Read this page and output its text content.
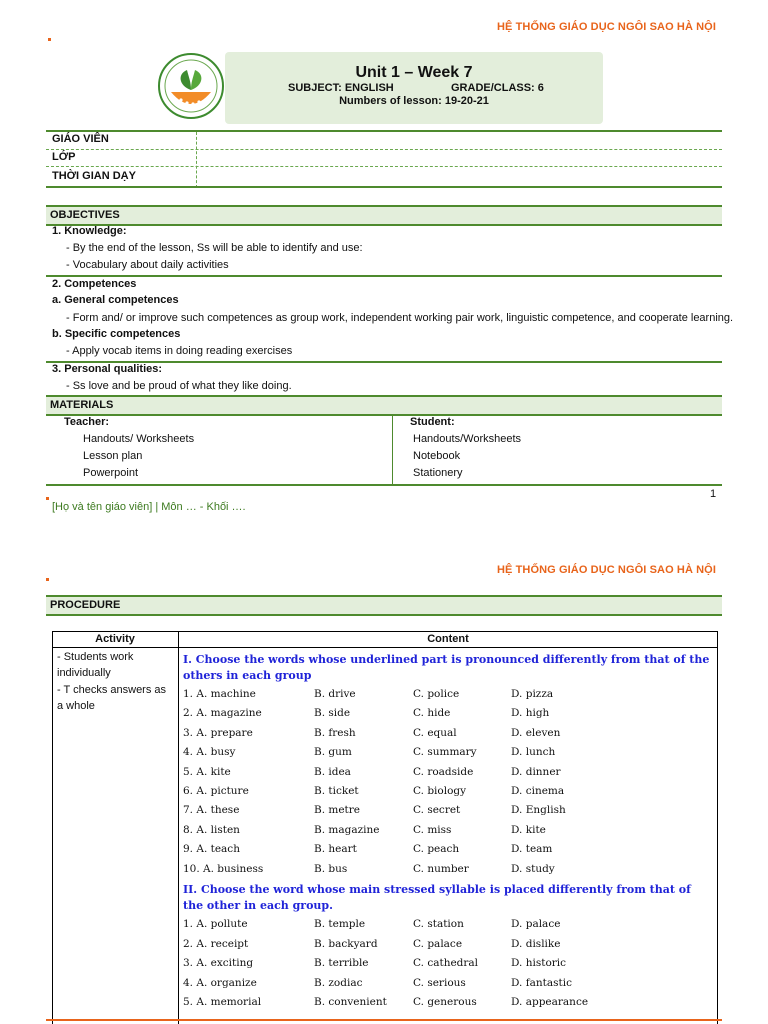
HỆ THỐNG GIÁO DỤC NGÔI SAO HÀ NỘI
Unit 1 – Week 7
SUBJECT: ENGLISH	GRADE/CLASS: 6
Numbers of lesson: 19-20-21
GIÁO VIÊN
LỚP
THỜI GIAN DẠY
OBJECTIVES
1. Knowledge:
- By the end of the lesson, Ss will be able to identify and use:
- Vocabulary about daily activities
2. Competences
a. General competences
- Form and/ or improve such competences as group work, independent working pair work, linguistic competence, and cooperate learning.
b. Specific competences
- Apply vocab items in doing reading exercises
3. Personal qualities:
- Ss love and be proud of what they like doing.
MATERIALS
Teacher:	Student:
Handouts/ Worksheets
Lesson plan
Powerpoint
Handouts/Worksheets
Notebook
Stationery
1
[Họ và tên giáo viên] | Môn … - Khối ….
HỆ THỐNG GIÁO DỤC NGÔI SAO HÀ NỘI
PROCEDURE
Activity	Content
- Students work individually
- T checks answers as a whole
I. Choose the words whose underlined part is pronounced differently from that of the others in each group
1. A. machine	B. drive	C. police	D. pizza
2. A. magazine	B. side	C. hide	D. high
3. A. prepare	B. fresh	C. equal	D. eleven
4. A. busy	B. gum	C. summary	D. lunch
5. A. kite	B. idea	C. roadside	D. dinner
6. A. picture	B. ticket	C. biology	D. cinema
7. A. these	B. metre	C. secret	D. English
8. A. listen	B. magazine	C. miss	D. kite
9. A. teach	B. heart	C. peach	D. team
10. A. business	B. bus	C. number	D. study
II. Choose the word whose main stressed syllable is placed differently from that of the other in each group.
1. A. pollute	B. temple	C. station	D. palace
2. A. receipt	B. backyard	C. palace	D. dislike
3. A. exciting	B. terrible	C. cathedral	D. historic
4. A. organize	B. zodiac	C. serious	D. fantastic
5. A. memorial	B. convenient C. generous	D. appearance
